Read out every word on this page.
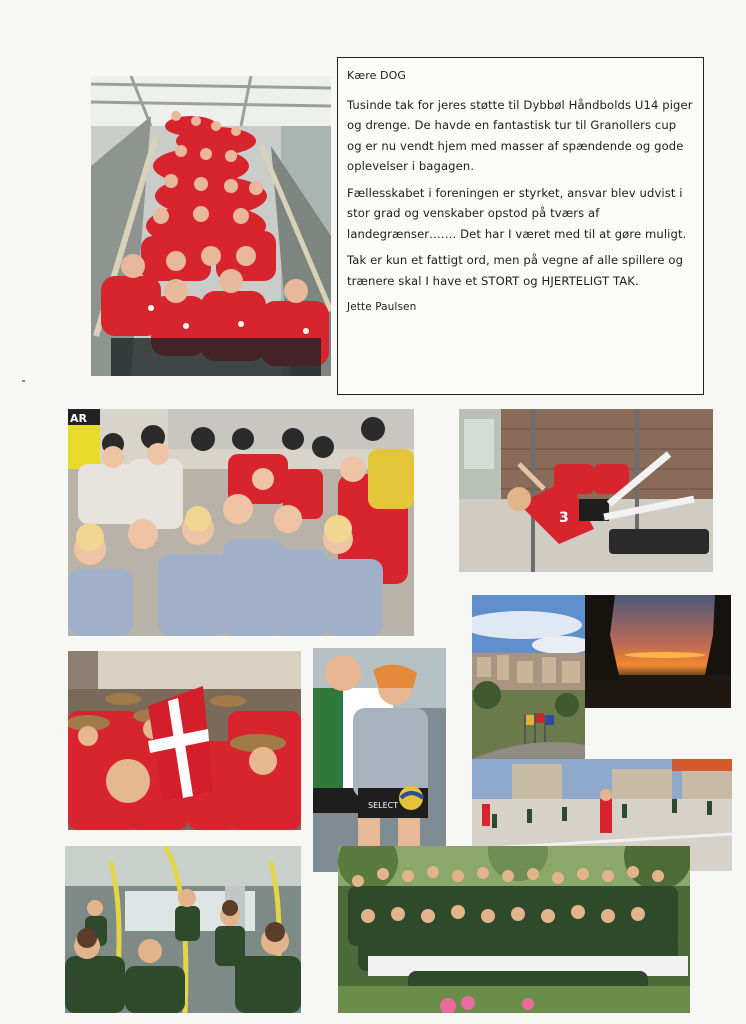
Kære DOG

Tusinde tak for jeres støtte til Dybbøl Håndbolds U14 piger og drenge. De havde en fantastisk tur til Granollers cup og er nu vendt hjem med masser af spændende og gode oplevelser i bagagen.

Fællesskabet i foreningen er styrket, ansvar blev udvist i stor grad og venskaber opstod på tværs af landegrænser……. Det har I været med til at gøre muligt.

Tak er kun et fattigt ord, men på vegne af alle spillere og trænere skal I have et STORT og HJERTELIGT TAK.

Jette Paulsen

AR
3
SELECT
